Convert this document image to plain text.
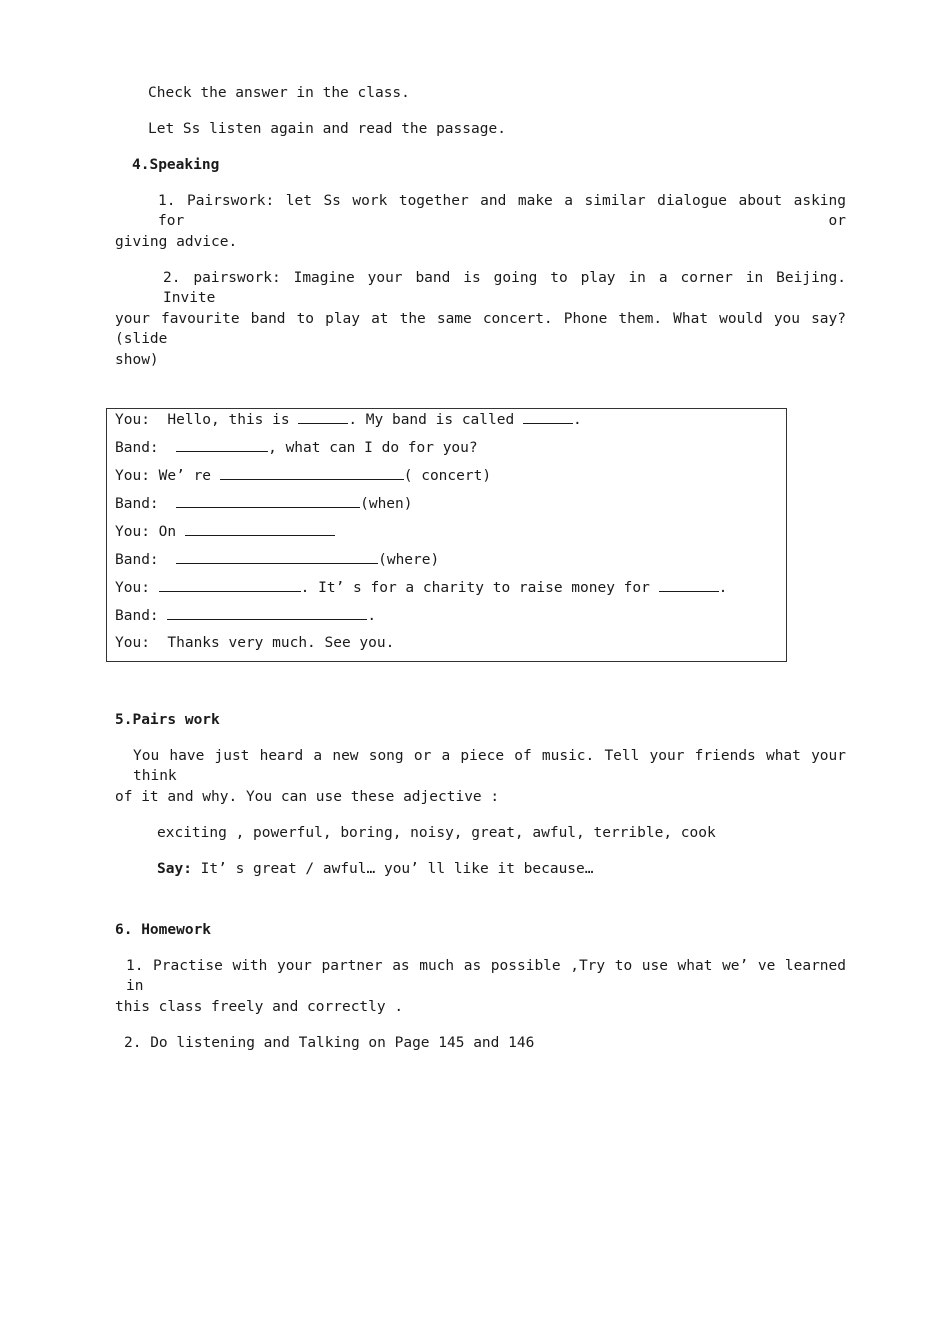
Check the answer in the class.
Let Ss listen again and read the passage.
4.Speaking
1. Pairswork: let Ss work together and make a similar dialogue about asking for or
giving advice.
2. pairswork: Imagine your band is going to play in a corner in Beijing. Invite
your favourite band to play at the same concert. Phone them. What would you say? (slide
show)
You:  Hello, this is	. My band is called	.
Band:	, what can I do for you?
You: We’ re	( concert)
Band:	(when)
You: On
Band:	(where)
You:	. It’ s for a charity to raise money for	.
Band:	.
You:  Thanks very much. See you.
5.Pairs work
You have just heard a new song or a piece of music. Tell your friends what your think
of it and why. You can use these adjective :
exciting , powerful, boring, noisy, great, awful, terrible, cook
Say: It’ s great / awful… you’ ll like it because…
6. Homework
1. Practise with your partner as much as possible ,Try to use what we’ ve learned in
this class freely and correctly .
2. Do listening and Talking on Page 145 and 146
